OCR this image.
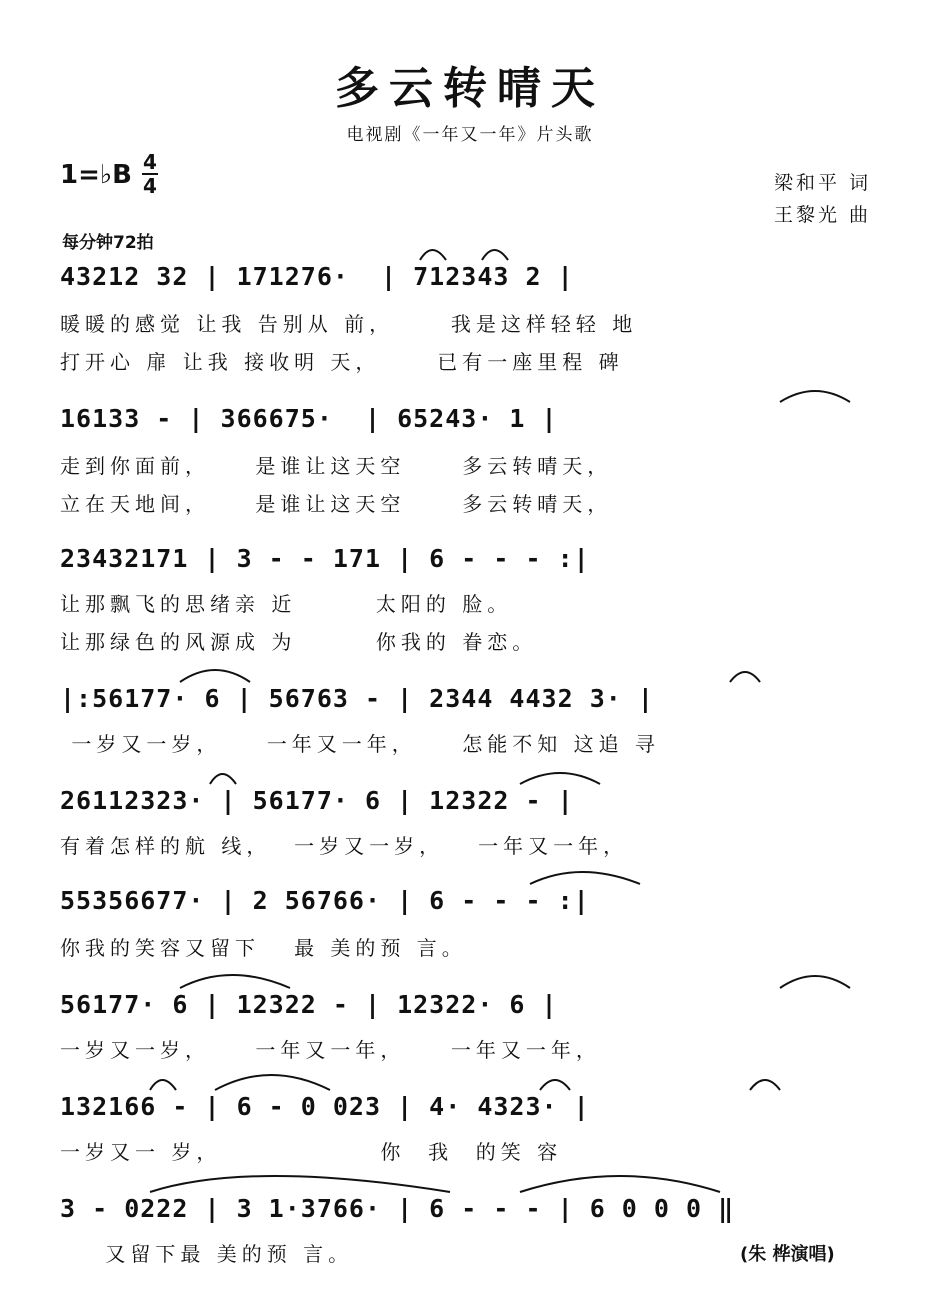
多云转晴天
电视剧《一年又一年》片头歌
1=♭B 4
4	梁和平 词
王黎光 曲
每分钟72拍
43212 32 | 171276·  | 712343 2 |
暖暖的感觉 让我 告别从 前，     我是这样轻轻 地
打开心 扉 让我 接收明 天，     已有一座里程 碑
16133 - | 366675·  | 65243· 1 |
走到你面前，    是谁让这天空     多云转晴天，
立在天地间，    是谁让这天空     多云转晴天，
23432171 | 3 - - 171 | 6 - - - :|
让那飘飞的思绪亲 近       太阳的 脸。
让那绿色的风源成 为       你我的 眷恋。
|:56177· 6 | 56763 - | 2344 4432 3· |
一岁又一岁，    一年又一年，    怎能不知 这追 寻
26112323· | 56177· 6 | 12322 - |
有着怎样的航 线，  一岁又一岁，   一年又一年，
55356677· | 2 56766· | 6 - - - :|
你我的笑容又留下   最 美的预 言。
56177· 6 | 12322 - | 12322· 6 |
一岁又一岁，    一年又一年，    一年又一年，
132166 - | 6 - 0 023 | 4· 4323· |
一岁又一 岁，              你  我  的笑 容
3 - 0222 | 3 1·3766· | 6 - - - | 6 0 0 0 ‖
又留下最 美的预 言。	(朱 桦演唱)
